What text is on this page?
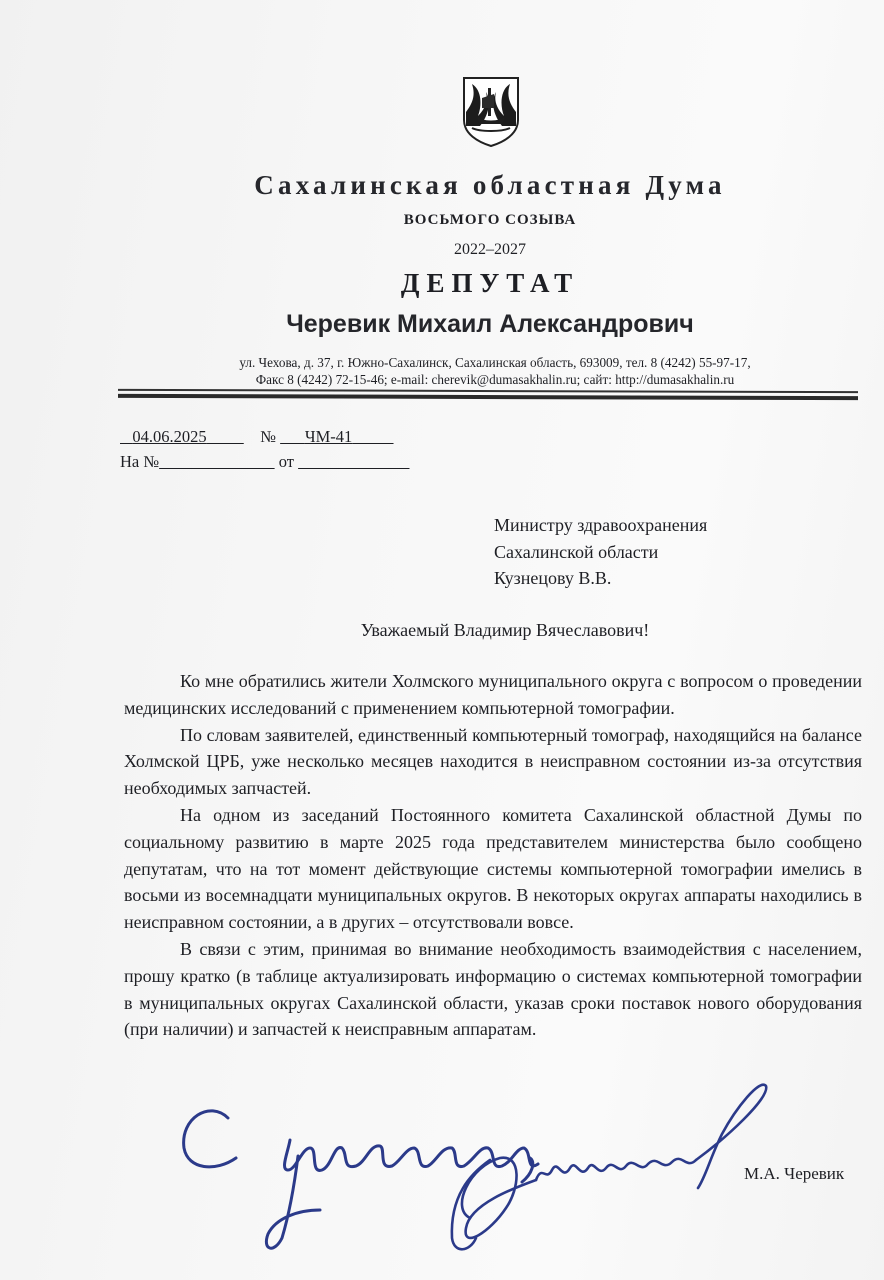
Сахалинская областная Дума
ВОСЬМОГО СОЗЫВА
2022–2027
ДЕПУТАТ
Черевик Михаил Александрович
ул. Чехова, д. 37, г. Южно-Сахалинск, Сахалинская область, 693009, тел. 8 (4242) 55-97-17,
Факс 8 (4242) 72-15-46; e-mail: cherevik@dumasakhalin.ru; сайт: http://dumasakhalin.ru
04.06.2025	№ ЧМ-41
На №	от
Министру здравоохранения
Сахалинской области
Кузнецову В.В.
Уважаемый Владимир Вячеславович!

Ко мне обратились жители Холмского муниципального округа с вопросом о проведении медицинских исследований с применением компьютерной томографии.

По словам заявителей, единственный компьютерный томограф, находящийся на балансе Холмской ЦРБ, уже несколько месяцев находится в неисправном состоянии из-за отсутствия необходимых запчастей.

На одном из заседаний Постоянного комитета Сахалинской областной Думы по социальному развитию в марте 2025 года представителем министерства было сообщено депутатам, что на тот момент действующие системы компьютерной томографии имелись в восьми из восемнадцати муниципальных округов. В некоторых округах аппараты находились в неисправном состоянии, а в других – отсутствовали вовсе.

В связи с этим, принимая во внимание необходимость взаимодействия с населением, прошу кратко (в таблице актуализировать информацию о системах компьютерной томографии в муниципальных округах Сахалинской области, указав сроки поставок нового оборудования (при наличии) и запчастей к неисправным аппаратам.

М.А. Черевик
